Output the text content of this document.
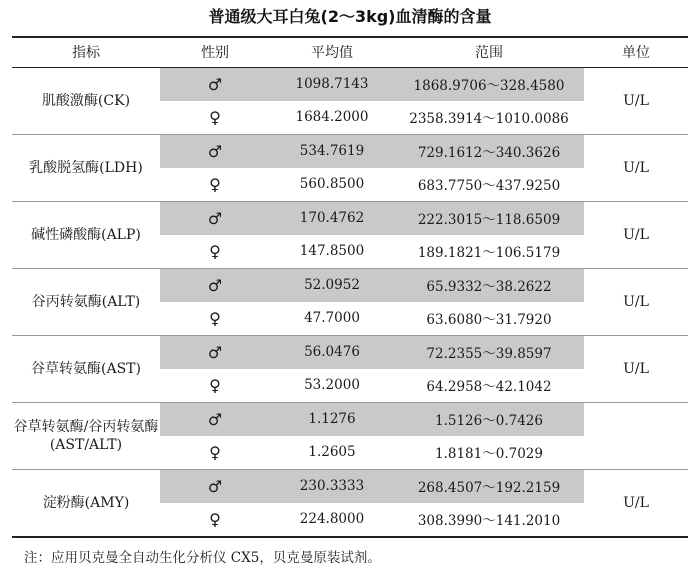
普通级大耳白兔(2～3kg)血清酶的含量
指标	性别	平均值	范围	单位
肌酸激酶(CK)	♂	1098.7143	1868.9706～328.4580	U/L
	♀	1684.2000	2358.3914～1010.0086	
乳酸脱氢酶(LDH)	♂	534.7619	729.1612～340.3626	U/L
	♀	560.8500	683.7750～437.9250	
碱性磷酸酶(ALP)	♂	170.4762	222.3015～118.6509	U/L
	♀	147.8500	189.1821～106.5179	
谷丙转氨酶(ALT)	♂	52.0952	65.9332～38.2622	U/L
	♀	47.7000	63.6080～31.7920	
谷草转氨酶(AST)	♂	56.0476	72.2355～39.8597	U/L
	♀	53.2000	64.2958～42.1042	
谷草转氨酶/谷丙转氨酶(AST/ALT)	♂	1.1276	1.5126～0.7426	
	♀	1.2605	1.8181～0.7029	
淀粉酶(AMY)	♂	230.3333	268.4507～192.2159	U/L
	♀	224.8000	308.3990～141.2010	
注：应用贝克曼全自动生化分析仪 CX5，贝克曼原装试剂。
